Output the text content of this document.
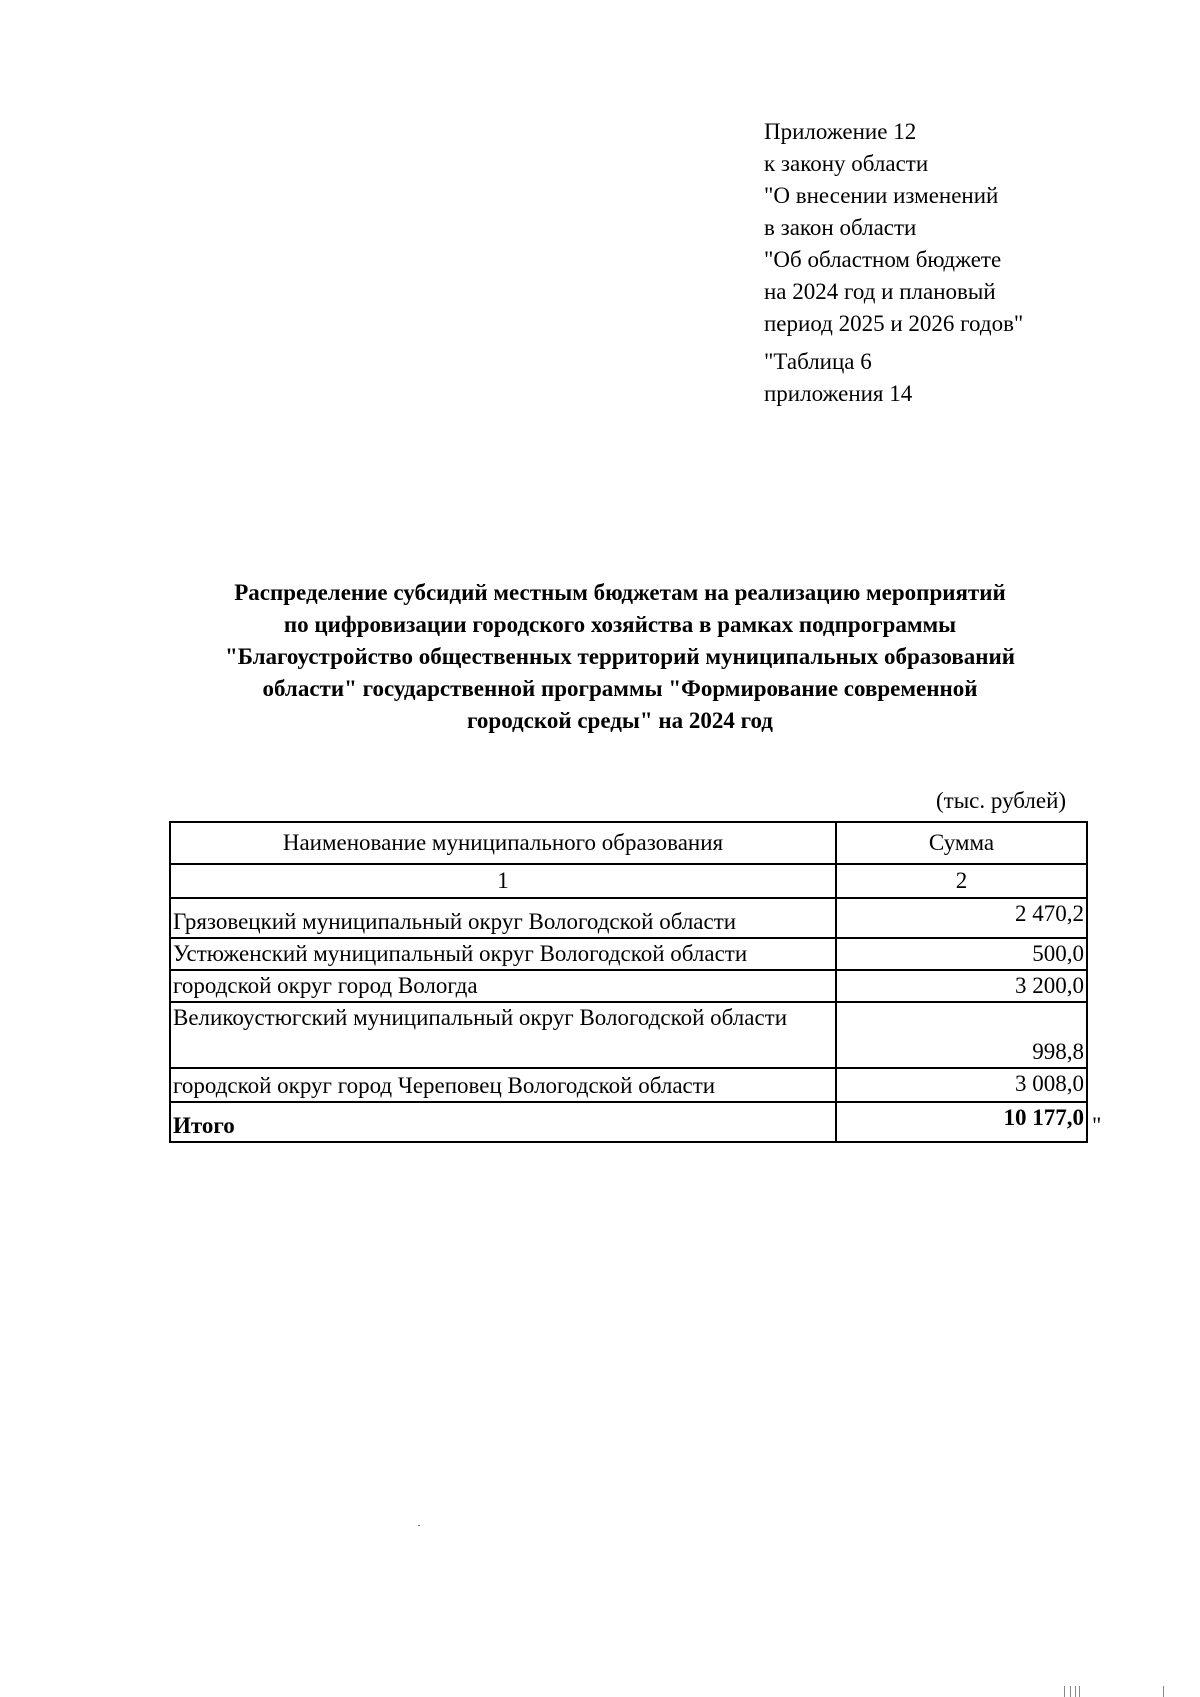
Приложение 12
к закону области
"О внесении изменений
в закон области
"Об областном бюджете
на 2024 год и плановый
период 2025 и 2026 годов"
"Таблица 6
приложения 14
Распределение субсидий местным бюджетам на реализацию мероприятий
по цифровизации городского хозяйства в рамках подпрограммы
"Благоустройство общественных территорий муниципальных образований
области" государственной программы "Формирование современной
городской среды" на 2024 год
(тыс. рублей)
Наименование муниципального образования	Сумма
1	2
Грязовецкий муниципальный округ Вологодской области	2 470,2
Устюженский муниципальный округ Вологодской области	500,0
городской округ город Вологда	3 200,0
Великоустюгский муниципальный округ Вологодской области	998,8
городской округ город Череповец Вологодской области	3 008,0
Итого	10 177,0 "
